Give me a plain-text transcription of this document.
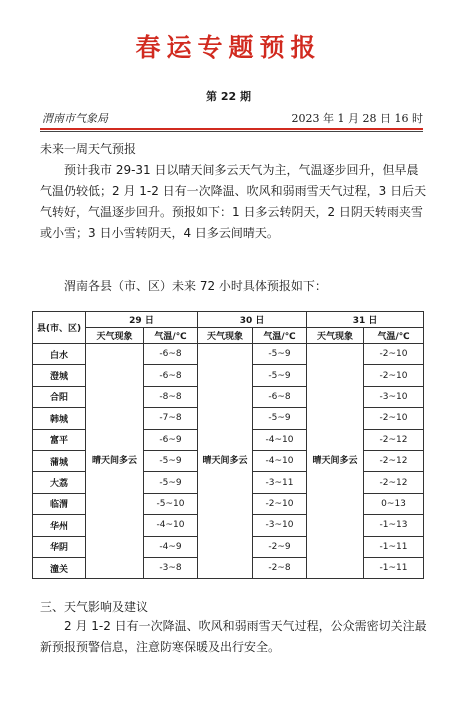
春运专题预报
第 22 期
渭南市气象局	2023 年 1 月 28 日 16 时
未来一周天气预报
预计我市 29-31 日以晴天间多云天气为主，气温逐步回升，但早晨气温仍较低；2 月 1-2 日有一次降温、吹风和弱雨雪天气过程，3 日后天气转好，气温逐步回升。预报如下：1 日多云转阴天，2 日阴天转雨夹雪或小雪；3 日小雪转阴天，4 日多云间晴天。
渭南各县（市、区）未来 72 小时具体预报如下：
县(市、区)	29 日		30 日		31 日	
	天气现象	气温/℃	天气现象	气温/℃	天气现象	气温/℃
白水	晴天间多云	-6~8	晴天间多云	-5~9	晴天间多云	-2~10
澄城		-6~8		-5~9		-2~10
合阳		-8~8		-6~8		-3~10
韩城		-7~8		-5~9		-2~10
富平		-6~9		-4~10		-2~12
蒲城		-5~9		-4~10		-2~12
大荔		-5~9		-3~11		-2~12
临渭		-5~10		-2~10		0~13
华州		-4~10		-3~10		-1~13
华阴		-4~9		-2~9		-1~11
潼关		-3~8		-2~8		-1~11
三、天气影响及建议
2 月 1-2 日有一次降温、吹风和弱雨雪天气过程，公众需密切关注最新预报预警信息，注意防寒保暖及出行安全。
